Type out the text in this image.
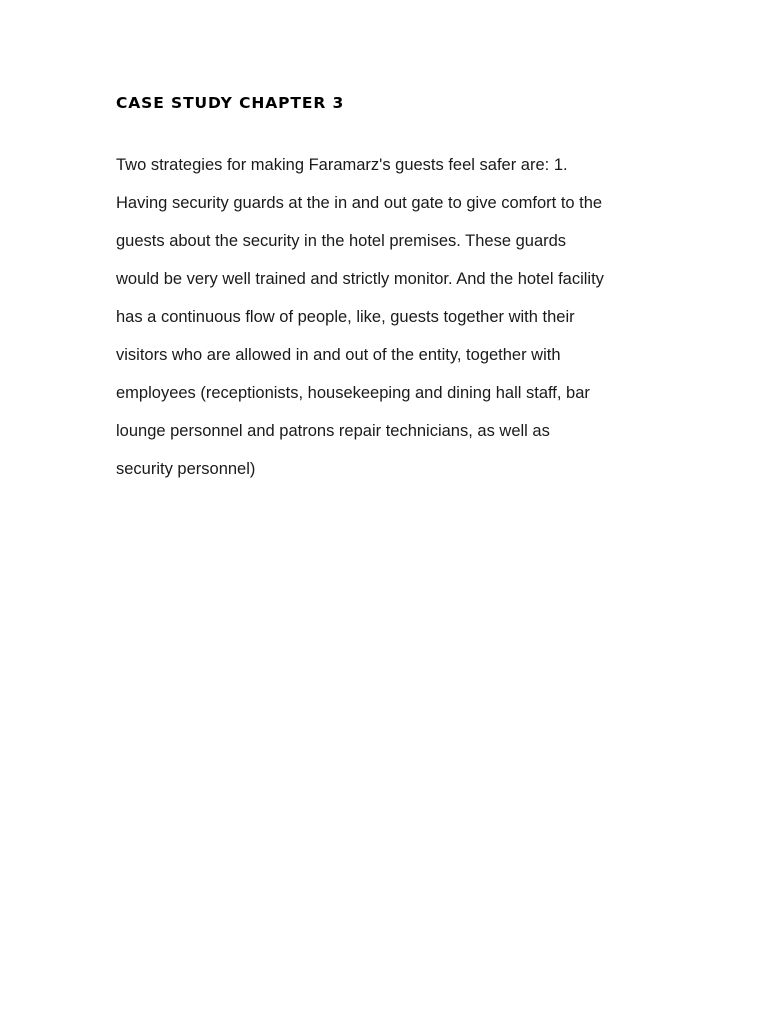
CASE STUDY CHAPTER 3
Two strategies for making Faramarz's guests feel safer are: 1.
Having security guards at the in and out gate to give comfort to the
guests about the security in the hotel premises. These guards
would be very well trained and strictly monitor. And the hotel facility
has a continuous flow of people, like, guests together with their
visitors who are allowed in and out of the entity, together with
employees (receptionists, housekeeping and dining hall staff, bar
lounge personnel and patrons repair technicians, as well as
security personnel)
